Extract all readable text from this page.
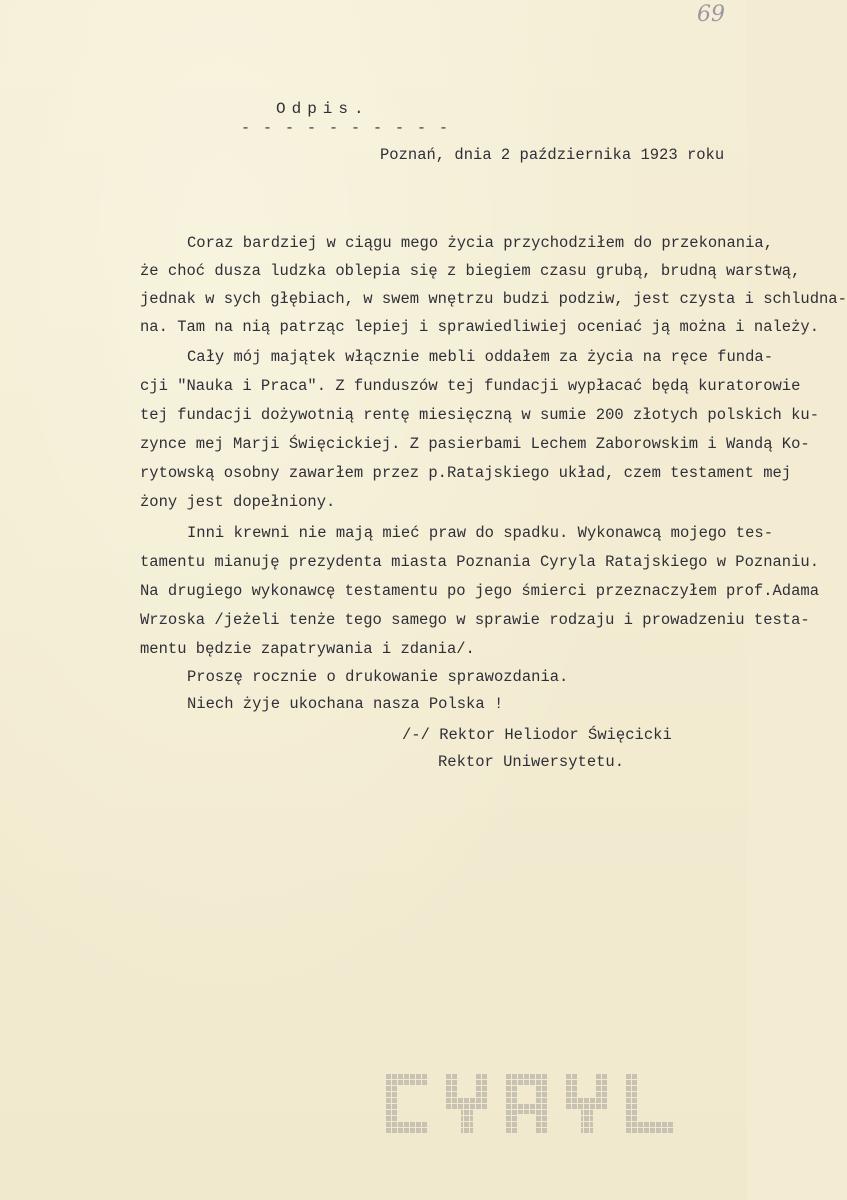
69
Odpis.
- - - - - - - - - -
Poznań, dnia 2 października 1923 roku
Coraz bardziej w ciągu mego życia przychodziłem do przekonania,
że choć dusza ludzka oblepia się z biegiem czasu grubą, brudną warstwą,
jednak w sych głębiach, w swem wnętrzu budzi podziw, jest czysta i schludna-
na. Tam na nią patrząc lepiej i sprawiedliwiej oceniać ją można i należy.
Cały mój majątek włącznie mebli oddałem za życia na ręce funda-
cji "Nauka i Praca". Z funduszów tej fundacji wypłacać będą kuratorowie
tej fundacji dożywotnią rentę miesięczną w sumie 200 złotych polskich ku-
zynce mej Marji Święcickiej. Z pasierbami Lechem Zaborowskim i Wandą Ko-
rytowską osobny zawarłem przez p.Ratajskiego układ, czem testament mej
żony jest dopełniony.
Inni krewni nie mają mieć praw do spadku. Wykonawcą mojego tes-
tamentu mianuję prezydenta miasta Poznania Cyryla Ratajskiego w Poznaniu.
Na drugiego wykonawcę testamentu po jego śmierci przeznaczyłem prof.Adama
Wrzoska /jeżeli tenże tego samego w sprawie rodzaju i prowadzeniu testa-
mentu będzie zapatrywania i zdania/.
Proszę rocznie o drukowanie sprawozdania.
Niech żyje ukochana nasza Polska !
/-/ Rektor Heliodor Święcicki
Rektor Uniwersytetu.
